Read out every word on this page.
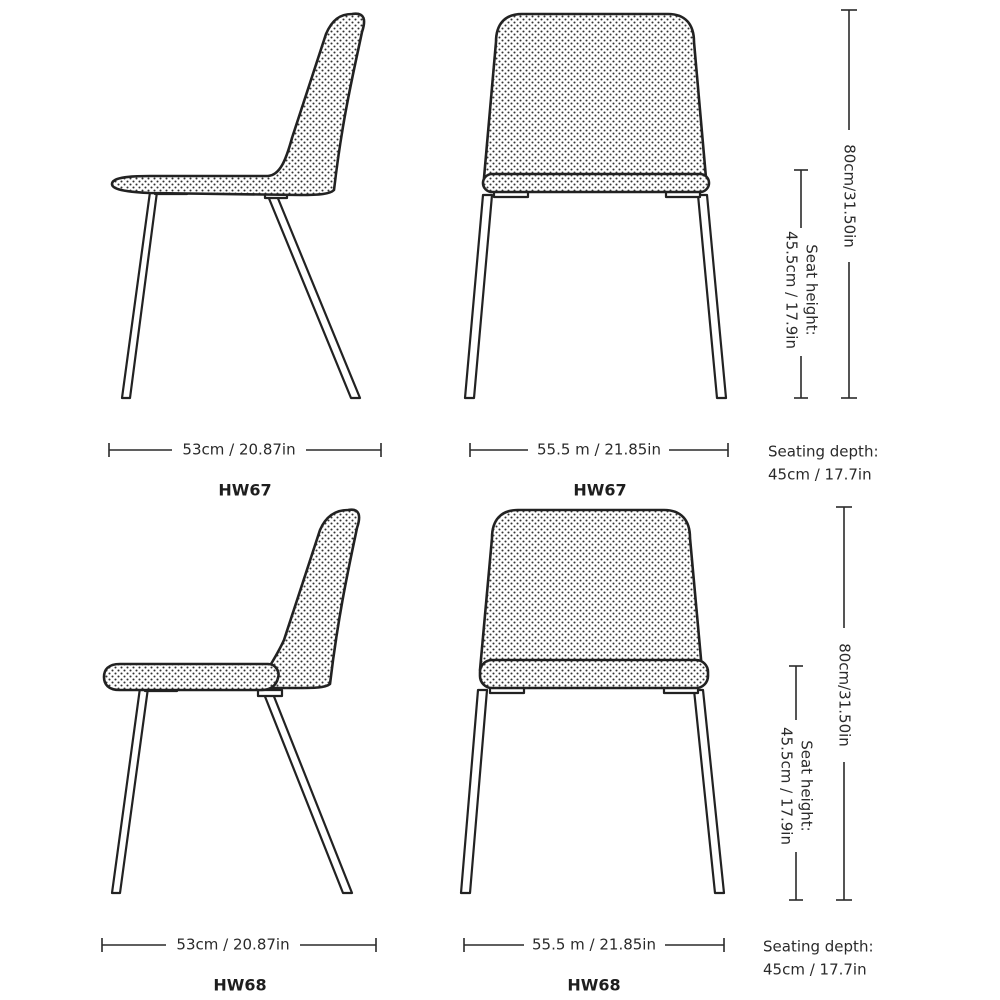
80cm/31.50in
Seat height:
45.5cm / 17.9in
53cm / 20.87in	55.5 m / 21.85in	Seating depth:
45cm / 17.7in
HW67	HW67
80cm/31.50in
Seat height:
45.5cm / 17.9in
53cm / 20.87in	55.5 m / 21.85in	Seating depth:
45cm / 17.7in
HW68	HW68
